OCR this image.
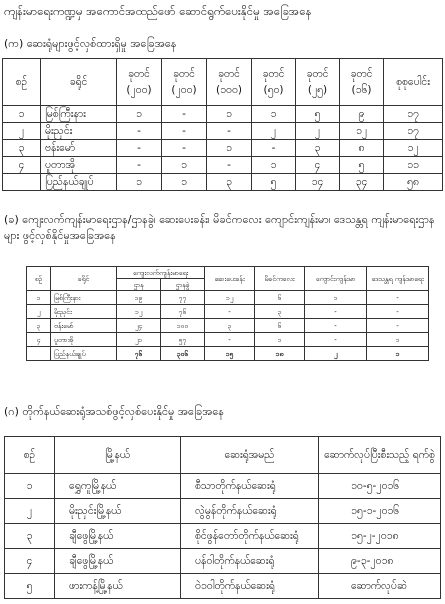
ကျန်းမာရေးကဏ္ဍမှ အကောင်အထည်ဖော် ဆောင်ရွက်ပေးနိုင်မှု အခြေအနေ
(က) ဆေးရုံများဖွင့်လှစ်ထားရှိမှု အခြေအနေ
စဉ်	ခရိုင်	ခုတင် (၂၀၀)	ခုတင် (၂၀၀)	ခုတင် (၁၀၀)	ခုတင် (၅၀)	ခုတင် (၂၅)	ခုတင် (၁၆)	စုစုပေါင်း
၁	မြစ်ကြီးနား	၁	-	၁	၁	၅	၉	၁၇
၂	မိုးညှင်း	-	-	-	၂	၂	၁၂	၁၇
၃	ဗန်းမော်	-	-	၁	-	၃	၈	၁၂
၄	ပူတာအို	-	၁	-	၁	၄	၅	၁၁
	ပြည်နယ်ချုပ်	၁	၁	၃	၅	၁၄	၃၄	၅၈
(ခ) ကျေးလက်ကျန်းမာရေးဌာန/ဌာနခွဲ၊ ဆေးပေးခန်း၊ မိခင်ကလေး ကျောင်းကျန်းမာ၊ ဒေသန္တရ ကျန်းမာရေးဌာနများ ဖွင့်လှစ်နိုင်မှုအခြေအနေ
စဉ်	ခရိုင်	ကျေးလက်ကျန်းမာရေး		ဆေးပေးခန်း	မိခင်ကလေး	ကျောင်းကျန်းမာ	ဒေသန္တရ ကျန်းမာရေး
		ဌာန	ဌာနခွဲ				
၁	မြစ်ကြီးနား	၁၉	၇၇	၁၂	၆	၁	-
၂	မိုးညှင်း	၁၂	၇၆	-	၃	-	-
၃	ဗန်းမော်	၂၄	၁၀၀	၃	၆	-	-
၄	ပူတာအို	၂၁	၅၇	-	၁	-	၁
	ပြည်နယ်ချုပ်	၇၆	၃၀၆	၁၅	၁၈	၂	၁
(ဂ) တိုက်နယ်ဆေးရုံအသစ်ဖွင့်လှစ်ပေးနိုင်မှု အခြေအနေ
စဉ်	မြို့နယ်	ဆေးရုံအမည်	ဆောက်လုပ်ပြီးစီးသည့် ရက်စွဲ
၁	ရွှေကူမြို့နယ်	စီသာတိုက်နယ်ဆေးရုံ	၁၀-၅-၂၀၁၆
၂	မိုးညှင်းမြို့နယ်	လွဲမွန်တိုက်နယ်ဆေးရုံ	၁၅-၁-၂၀၁၆
၃	ချီဖွေမြို့နယ်	စိုင်ဖွန်တော်တိုက်နယ်ဆေးရုံ	၁၅-၂-၂၀၁၈
၄	ချီဖွေမြို့နယ်	ပန်ဝါတိုက်နယ်ဆေးရုံ	၉-၃-၂၀၁၈
၅	ဖားကန့်မြို့နယ်	ဝဲ၁ဝါတိုက်နယ်ဆေးရုံ	ဆောက်လုပ်ဆဲ
